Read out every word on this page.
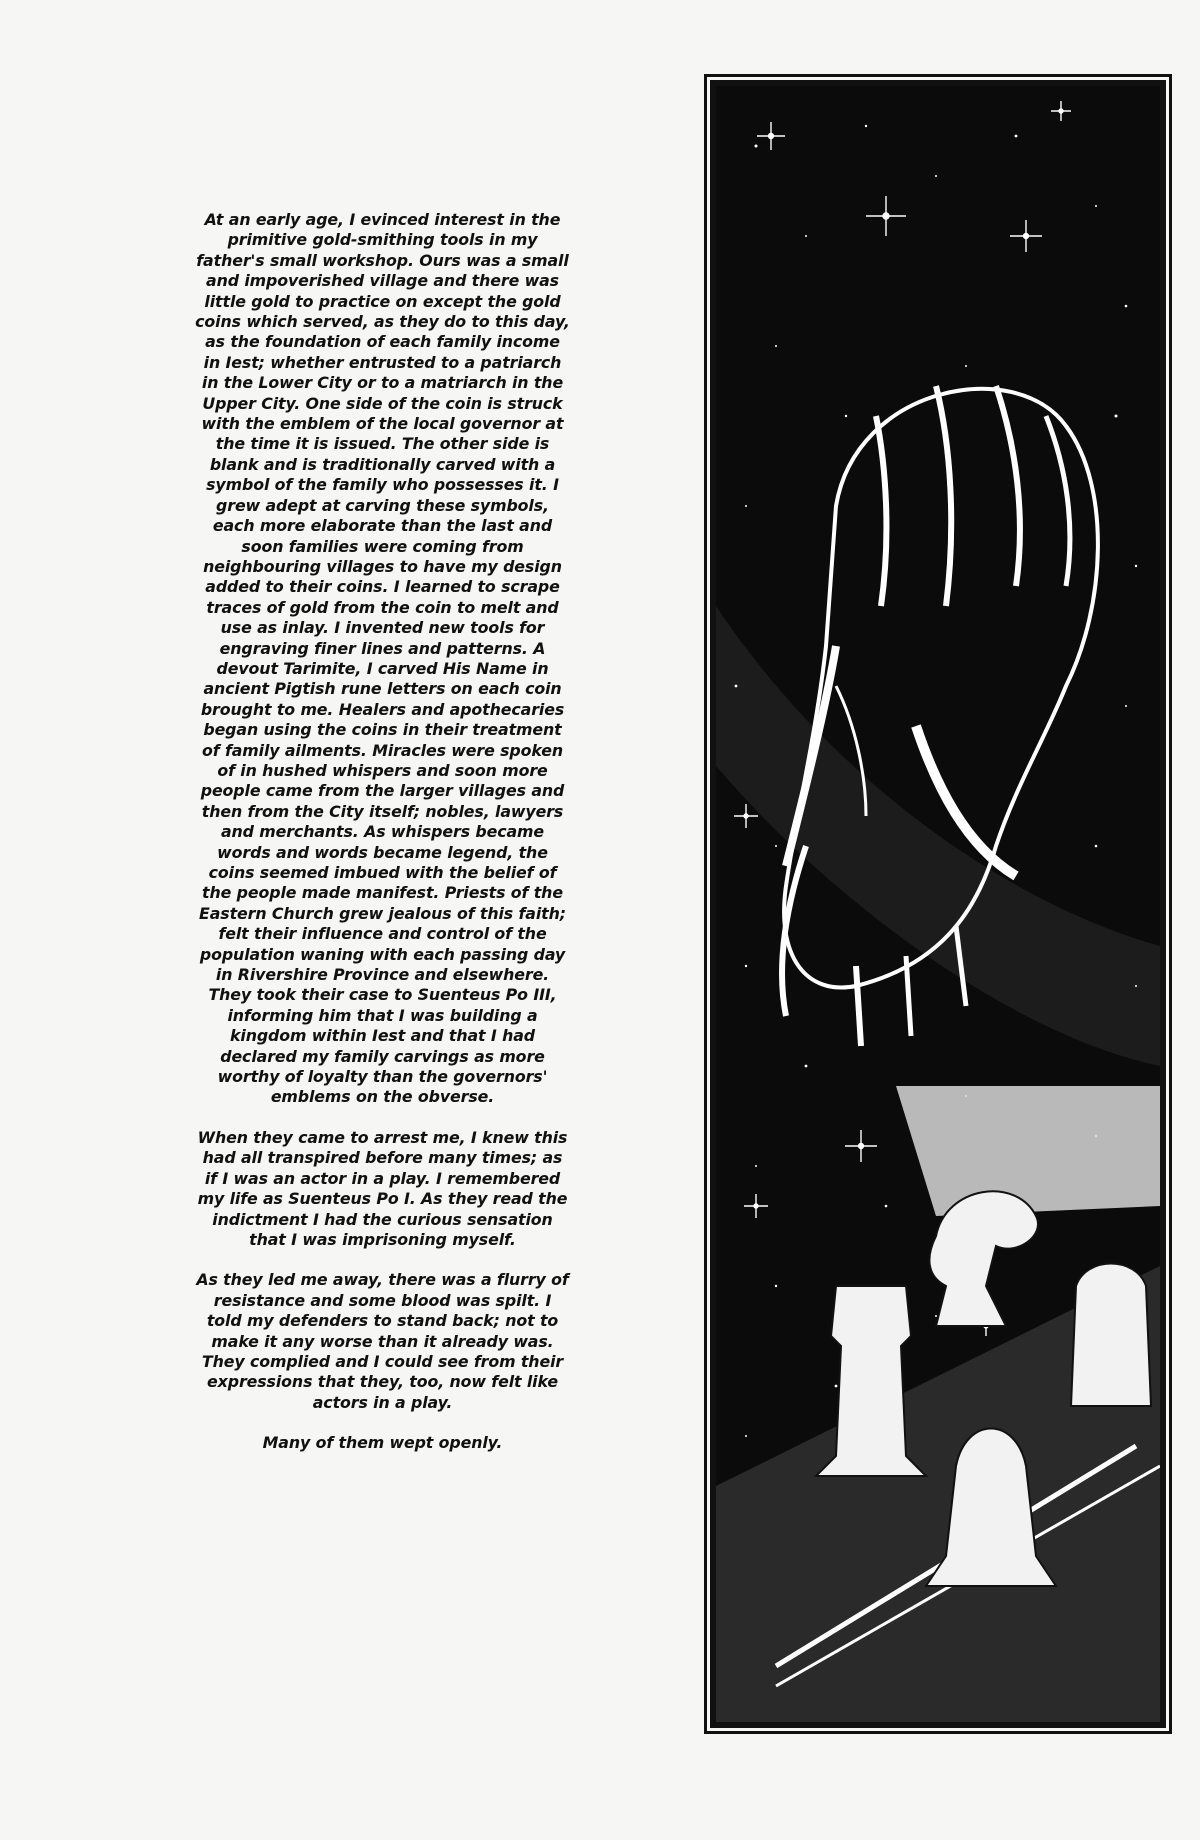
At an early age, I evinced interest in the primitive gold-smithing tools in my father's small workshop. Ours was a small and impoverished village and there was little gold to practice on except the gold coins which served, as they do to this day, as the foundation of each family income in Iest; whether entrusted to a patriarch in the Lower City or to a matriarch in the Upper City. One side of the coin is struck with the emblem of the local governor at the time it is issued. The other side is blank and is traditionally carved with a symbol of the family who possesses it. I grew adept at carving these symbols, each more elaborate than the last and soon families were coming from neighbouring villages to have my design added to their coins. I learned to scrape traces of gold from the coin to melt and use as inlay. I invented new tools for engraving finer lines and patterns. A devout Tarimite, I carved His Name in ancient Pigtish rune letters on each coin brought to me. Healers and apothecaries began using the coins in their treatment of family ailments. Miracles were spoken of in hushed whispers and soon more people came from the larger villages and then from the City itself; nobles, lawyers and merchants. As whispers became words and words became legend, the coins seemed imbued with the belief of the people made manifest. Priests of the Eastern Church grew jealous of this faith; felt their influence and control of the population waning with each passing day in Rivershire Province and elsewhere. They took their case to Suenteus Po III, informing him that I was building a kingdom within Iest and that I had declared my family carvings as more worthy of loyalty than the governors' emblems on the obverse.

When they came to arrest me, I knew this had all transpired before many times; as if I was an actor in a play. I remembered my life as Suenteus Po I. As they read the indictment I had the curious sensation that I was imprisoning myself.

As they led me away, there was a flurry of resistance and some blood was spilt. I told my defenders to stand back; not to make it any worse than it already was. They complied and I could see from their expressions that they, too, now felt like actors in a play.

Many of them wept openly.
